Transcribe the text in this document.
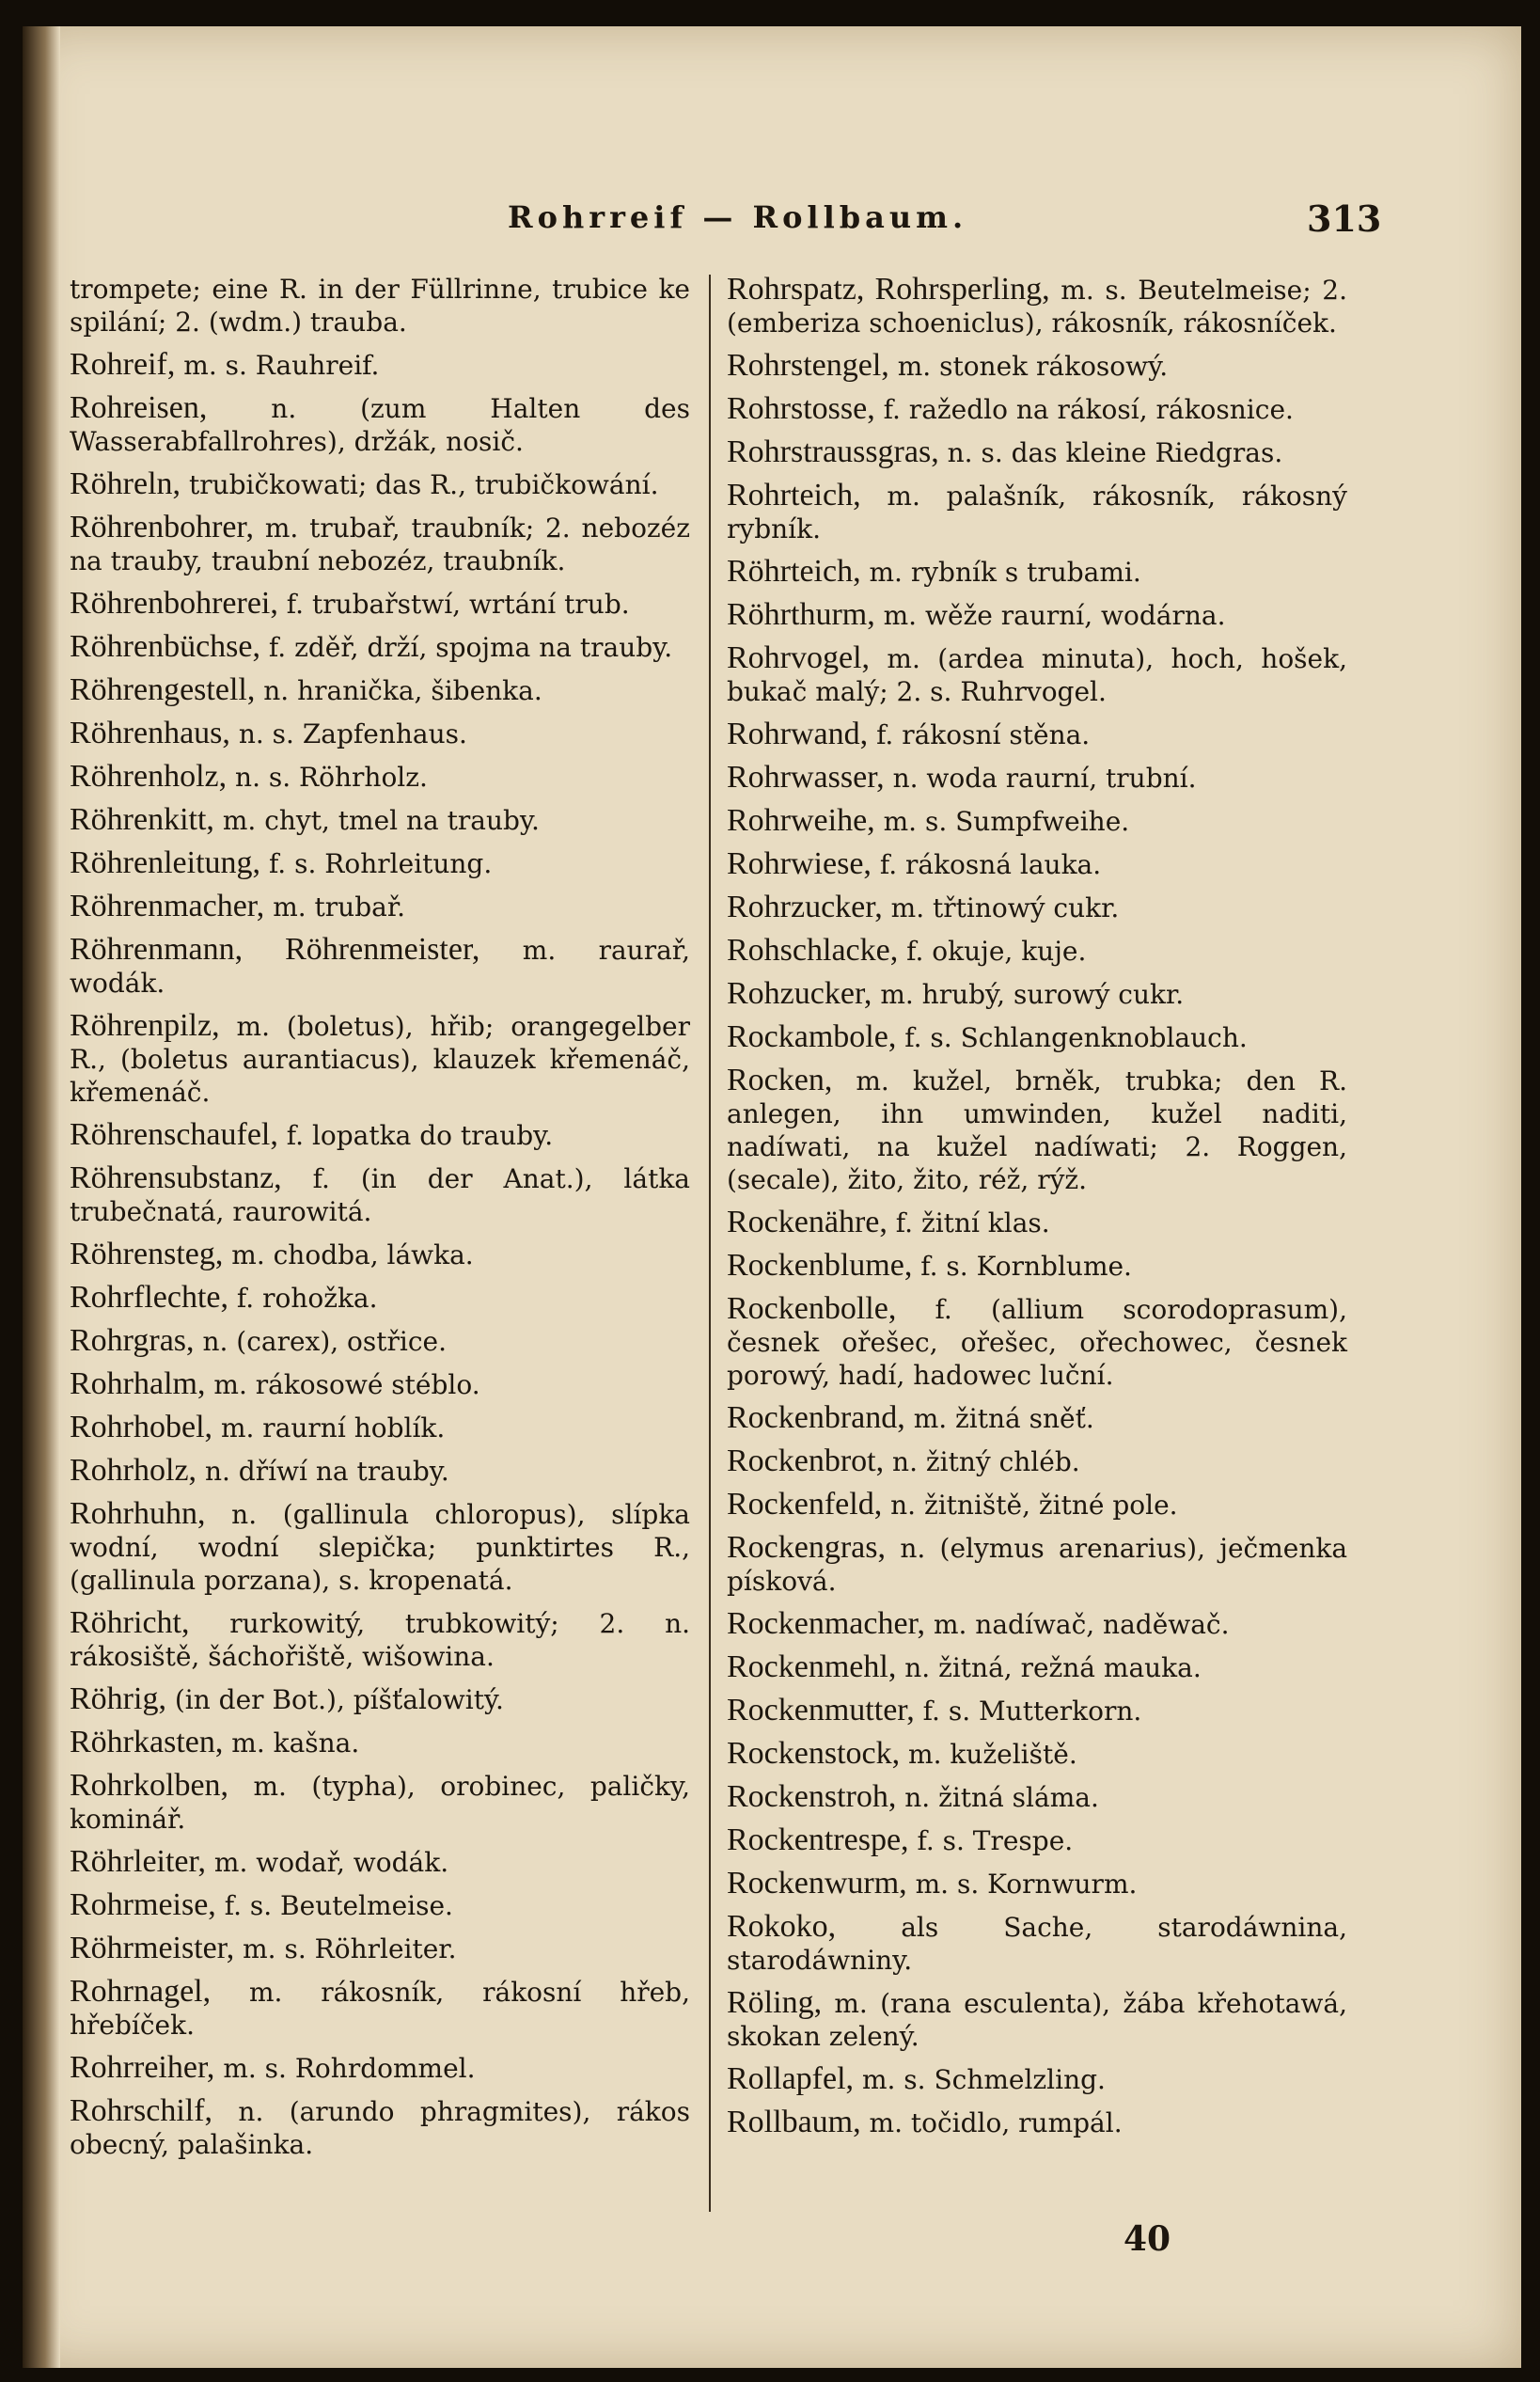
Rohrreif — Rollbaum.	313

trompete; eine R. in der Füllrinne, trubice ke spilání; 2. (wdm.) trauba.

Rohreif, m. s. Rauhreif.

Rohreisen, n. (zum Halten des Wasserabfallrohres), držák, nosič.

Röhreln, trubičkowati; das R., trubičkowání.

Röhrenbohrer, m. trubař, traubník; 2. nebozéz na trauby, traubní nebozéz, traubník.

Röhrenbohrerei, f. trubařstwí, wrtání trub.

Röhrenbüchse, f. zděř, drží, spojma na trauby.

Röhrengestell, n. hranička, šibenka.

Röhrenhaus, n. s. Zapfenhaus.

Röhrenholz, n. s. Röhrholz.

Röhrenkitt, m. chyt, tmel na trauby.

Röhrenleitung, f. s. Rohrleitung.

Röhrenmacher, m. trubař.

Röhrenmann, Röhrenmeister, m. raurař, wodák.

Röhrenpilz, m. (boletus), hřib; orangegelber R., (boletus aurantiacus), klauzek křemenáč, křemenáč.

Röhrenschaufel, f. lopatka do trauby.

Röhrensubstanz, f. (in der Anat.), látka trubečnatá, raurowitá.

Röhrensteg, m. chodba, láwka.

Rohrflechte, f. rohožka.

Rohrgras, n. (carex), ostřice.

Rohrhalm, m. rákosowé stéblo.

Rohrhobel, m. raurní hoblík.

Rohrholz, n. dříwí na trauby.

Rohrhuhn, n. (gallinula chloropus), slípka wodní, wodní slepička; punktirtes R., (gallinula porzana), s. kropenatá.

Röhricht, rurkowitý, trubkowitý; 2. n. rákosiště, šáchořiště, wišowina.

Röhrig, (in der Bot.), píšťalowitý.

Röhrkasten, m. kašna.

Rohrkolben, m. (typha), orobinec, paličky, kominář.

Röhrleiter, m. wodař, wodák.

Rohrmeise, f. s. Beutelmeise.

Röhrmeister, m. s. Röhrleiter.

Rohrnagel, m. rákosník, rákosní hřeb, hřebíček.

Rohrreiher, m. s. Rohrdommel.

Rohrschilf, n. (arundo phragmites), rákos obecný, palašinka.

Rohrspatz, Rohrsperling, m. s. Beutelmeise; 2. (emberiza schoeniclus), rákosník, rákosníček.

Rohrstengel, m. stonek rákosowý.

Rohrstosse, f. ražedlo na rákosí, rákosnice.

Rohrstraussgras, n. s. das kleine Riedgras.

Rohrteich, m. palašník, rákosník, rákosný rybník.

Röhrteich, m. rybník s trubami.

Röhrthurm, m. wěže raurní, wodárna.

Rohrvogel, m. (ardea minuta), hoch, hošek, bukač malý; 2. s. Ruhrvogel.

Rohrwand, f. rákosní stěna.

Rohrwasser, n. woda raurní, trubní.

Rohrweihe, m. s. Sumpfweihe.

Rohrwiese, f. rákosná lauka.

Rohrzucker, m. třtinowý cukr.

Rohschlacke, f. okuje, kuje.

Rohzucker, m. hrubý, surowý cukr.

Rockambole, f. s. Schlangenknoblauch.

Rocken, m. kužel, brněk, trubka; den R. anlegen, ihn umwinden, kužel naditi, nadíwati, na kužel nadíwati; 2. Roggen, (secale), žito, žito, réž, rýž.

Rockenähre, f. žitní klas.

Rockenblume, f. s. Kornblume.

Rockenbolle, f. (allium scorodoprasum), česnek ořešec, ořešec, ořechowec, česnek porowý, hadí, hadowec luční.

Rockenbrand, m. žitná sněť.

Rockenbrot, n. žitný chléb.

Rockenfeld, n. žitniště, žitné pole.

Rockengras, n. (elymus arenarius), ječmenka písková.

Rockenmacher, m. nadíwač, naděwač.

Rockenmehl, n. žitná, režná mauka.

Rockenmutter, f. s. Mutterkorn.

Rockenstock, m. kuželiště.

Rockenstroh, n. žitná sláma.

Rockentrespe, f. s. Trespe.

Rockenwurm, m. s. Kornwurm.

Rokoko, als Sache, starodáwnina, starodáwniny.

Röling, m. (rana esculenta), žába křehotawá, skokan zelený.

Rollapfel, m. s. Schmelzling.

Rollbaum, m. točidlo, rumpál.

40
